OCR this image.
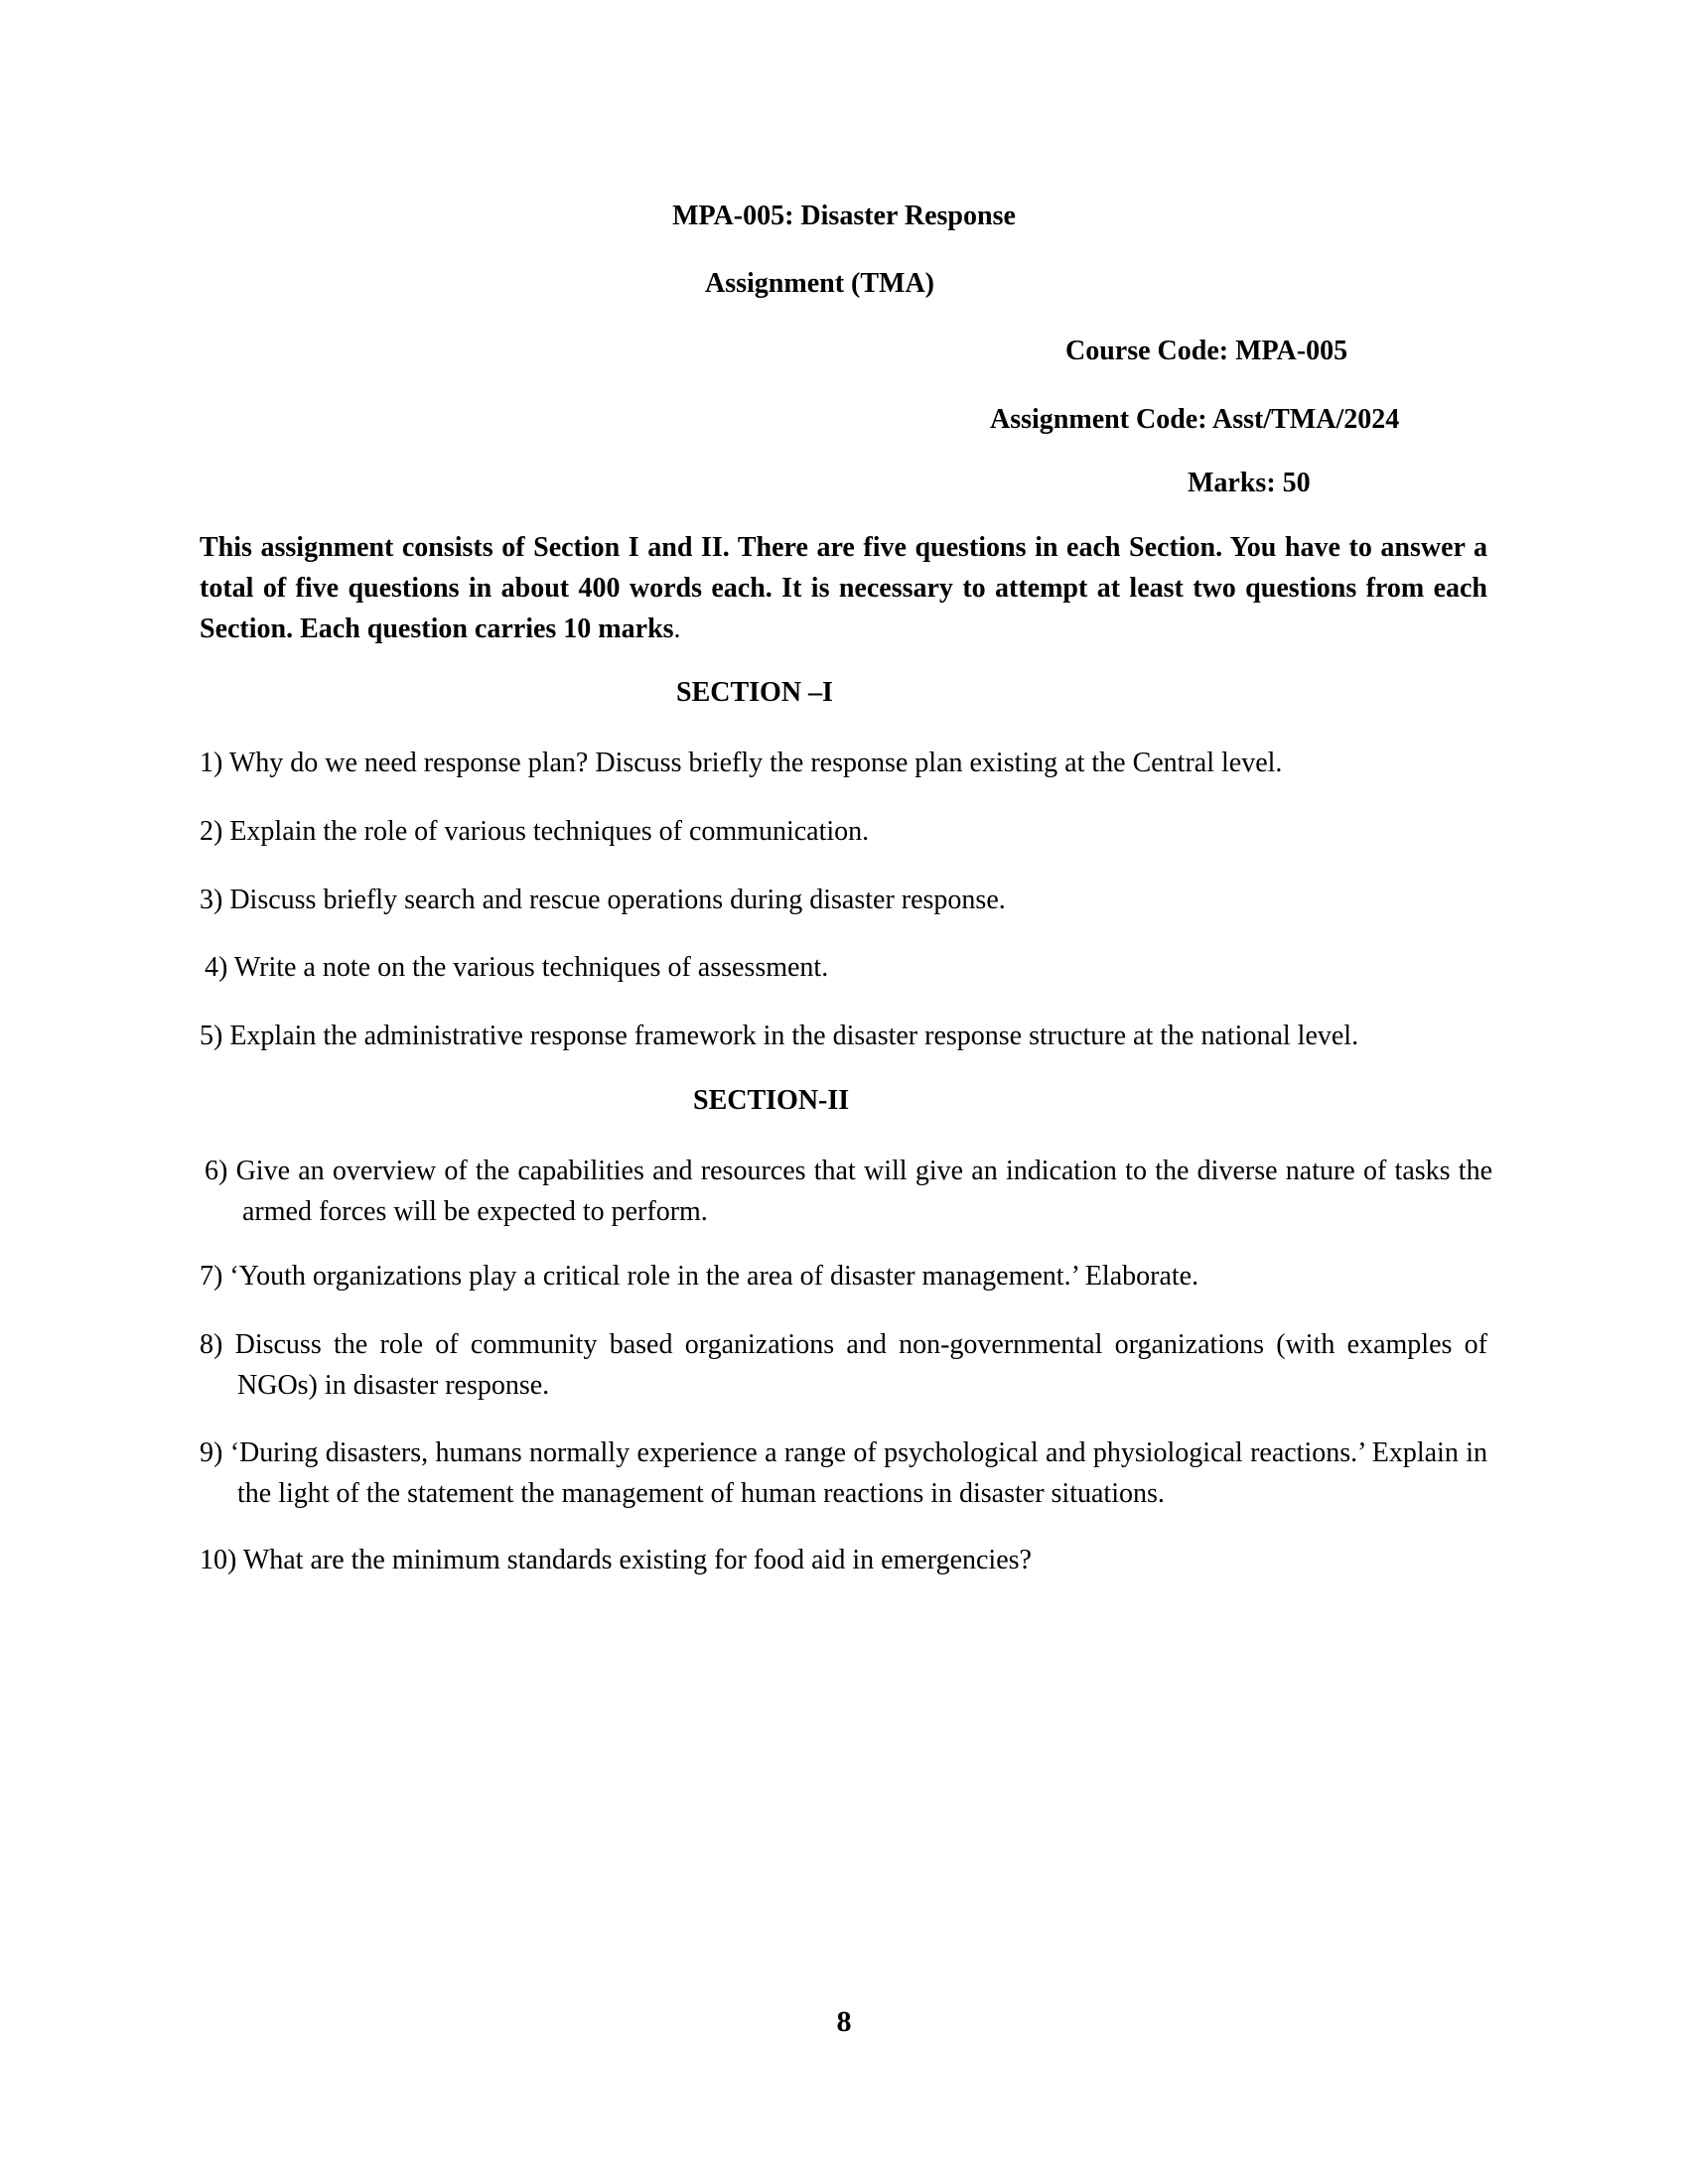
MPA-005: Disaster Response
Assignment (TMA)
Course Code: MPA-005
Assignment Code: Asst/TMA/2024
Marks: 50
This assignment consists of Section I and II. There are five questions in each Section. You have to answer a total of five questions in about 400 words each. It is necessary to attempt at least two questions from each Section. Each question carries 10 marks.
SECTION –I
1) Why do we need response plan? Discuss briefly the response plan existing at the Central level.
2) Explain the role of various techniques of communication.
3) Discuss briefly search and rescue operations during disaster response.
4) Write a note on the various techniques of assessment.
5) Explain the administrative response framework in the disaster response structure at the national level.
SECTION-II
6) Give an overview of the capabilities and resources that will give an indication to the diverse nature of tasks the armed forces will be expected to perform.
7) ‘Youth organizations play a critical role in the area of disaster management.’ Elaborate.
8) Discuss the role of community based organizations and non-governmental organizations (with examples of NGOs) in disaster response.
9) ‘During disasters, humans normally experience a range of psychological and physiological reactions.’ Explain in the light of the statement the management of human reactions in disaster situations.
10) What are the minimum standards existing for food aid in emergencies?
8
